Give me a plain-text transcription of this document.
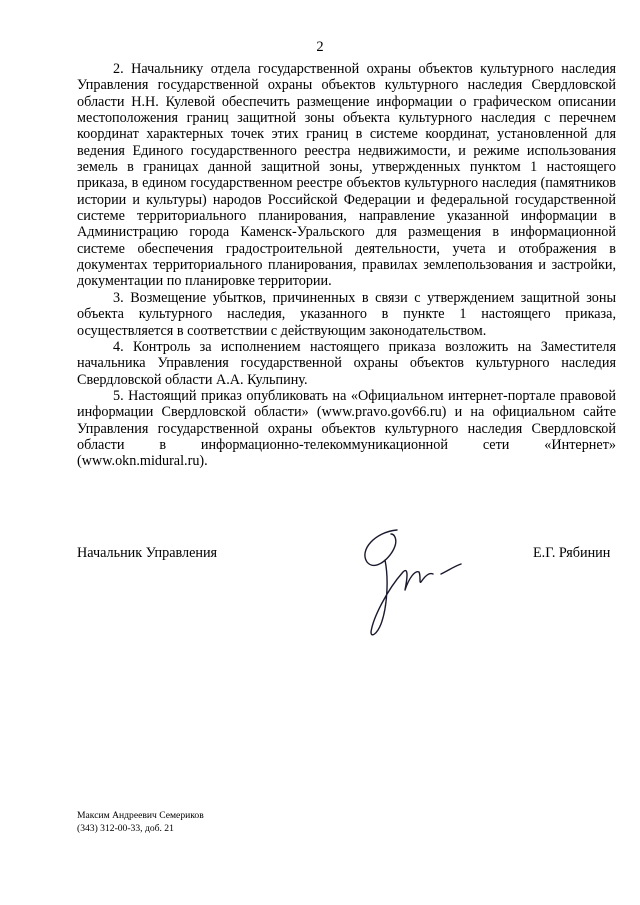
2

2. Начальнику отдела государственной охраны объектов культурного наследия Управления государственной охраны объектов культурного наследия Свердловской области Н.Н. Кулевой обеспечить размещение информации о графическом описании местоположения границ защитной зоны объекта культурного наследия с перечнем координат характерных точек этих границ в системе координат, установленной для ведения Единого государственного реестра недвижимости, и режиме использования земель в границах данной защитной зоны, утвержденных пунктом 1 настоящего приказа, в едином государственном реестре объектов культурного наследия (памятников истории и культуры) народов Российской Федерации и федеральной государственной системе территориального планирования, направление указанной информации в Администрацию города Каменск-Уральского для размещения в информационной системе обеспечения градостроительной деятельности, учета и отображения в документах территориального планирования, правилах землепользования и застройки, документации по планировке территории.

3. Возмещение убытков, причиненных в связи с утверждением защитной зоны объекта культурного наследия, указанного в пункте 1 настоящего приказа, осуществляется в соответствии с действующим законодательством.

4. Контроль за исполнением настоящего приказа возложить на Заместителя начальника Управления государственной охраны объектов культурного наследия Свердловской области А.А. Кульпину.

5. Настоящий приказ опубликовать на «Официальном интернет-портале правовой информации Свердловской области» (www.pravo.gov66.ru) и на официальном сайте Управления государственной охраны объектов культурного наследия Свердловской области в информационно-телекоммуникационной сети «Интернет» (www.okn.midural.ru).

Начальник Управления	Е.Г. Рябинин
Максим Андреевич Семериков
(343) 312-00-33, доб. 21
